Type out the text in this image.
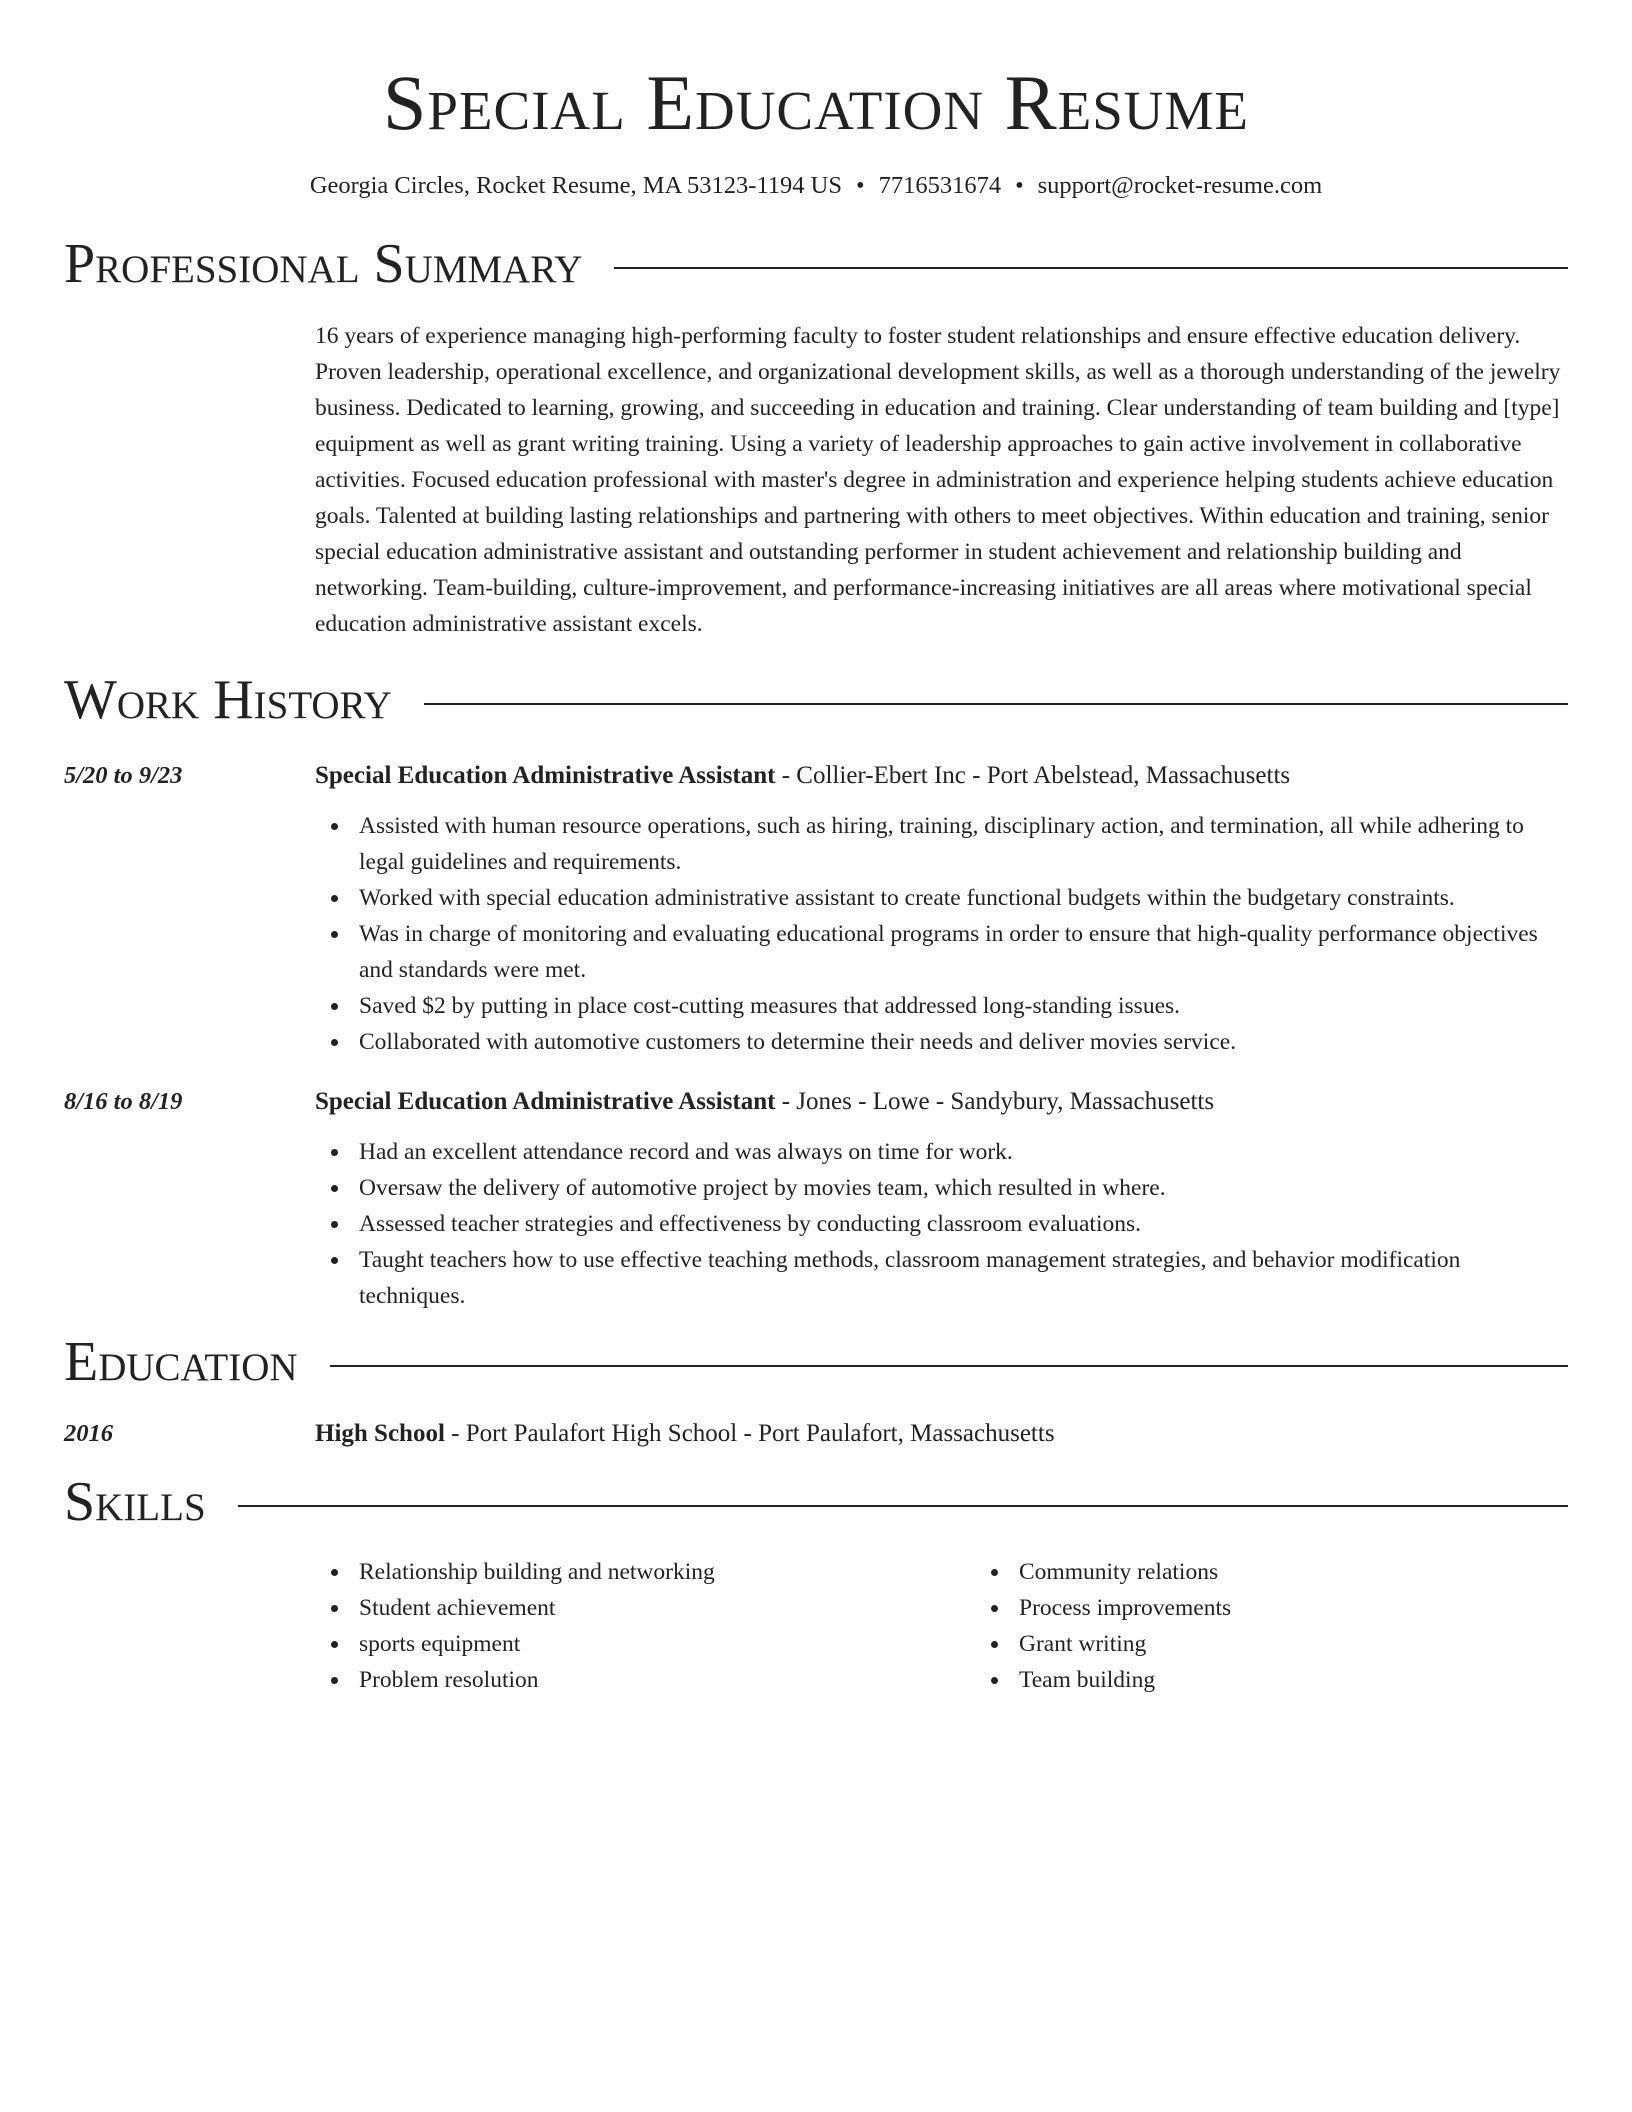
Special Education Resume
Georgia Circles, Rocket Resume, MA 53123-1194 US • 7716531674 • support@rocket-resume.com
Professional Summary
16 years of experience managing high-performing faculty to foster student relationships and ensure effective education delivery. Proven leadership, operational excellence, and organizational development skills, as well as a thorough understanding of the jewelry business. Dedicated to learning, growing, and succeeding in education and training. Clear understanding of team building and [type] equipment as well as grant writing training. Using a variety of leadership approaches to gain active involvement in collaborative activities. Focused education professional with master's degree in administration and experience helping students achieve education goals. Talented at building lasting relationships and partnering with others to meet objectives. Within education and training, senior special education administrative assistant and outstanding performer in student achievement and relationship building and networking. Team-building, culture-improvement, and performance-increasing initiatives are all areas where motivational special education administrative assistant excels.
Work History
5/20 to 9/23	Special Education Administrative Assistant - Collier-Ebert Inc - Port Abelstead, Massachusetts
Assisted with human resource operations, such as hiring, training, disciplinary action, and termination, all while adhering to legal guidelines and requirements.
Worked with special education administrative assistant to create functional budgets within the budgetary constraints.
Was in charge of monitoring and evaluating educational programs in order to ensure that high-quality performance objectives and standards were met.
Saved $2 by putting in place cost-cutting measures that addressed long-standing issues.
Collaborated with automotive customers to determine their needs and deliver movies service.
8/16 to 8/19	Special Education Administrative Assistant - Jones - Lowe - Sandybury, Massachusetts
Had an excellent attendance record and was always on time for work.
Oversaw the delivery of automotive project by movies team, which resulted in where.
Assessed teacher strategies and effectiveness by conducting classroom evaluations.
Taught teachers how to use effective teaching methods, classroom management strategies, and behavior modification techniques.
Education
2016	High School - Port Paulafort High School - Port Paulafort, Massachusetts
Skills
Relationship building and networking
Student achievement
sports equipment
Problem resolution
Community relations
Process improvements
Grant writing
Team building
